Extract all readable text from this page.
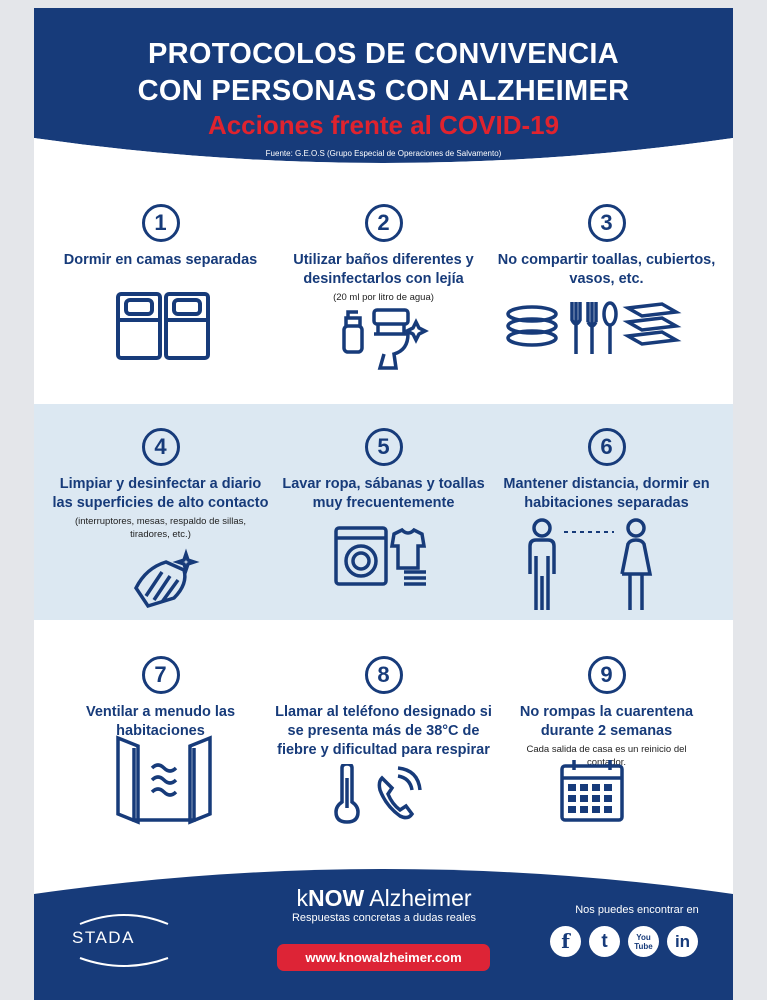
PROTOCOLOS DE CONVIVENCIA
CON PERSONAS CON ALZHEIMER
Acciones frente al COVID-19
Fuente: G.E.O.S (Grupo Especial de Operaciones de Salvamento)
1
Dormir en camas separadas
2
Utilizar baños diferentes y desinfectarlos con lejía
(20 ml por litro de agua)
3
No compartir toallas, cubiertos, vasos, etc.
4
Limpiar y desinfectar a diario las superficies de alto contacto
(interruptores, mesas, respaldo de sillas, tiradores, etc.)
5
Lavar ropa, sábanas y toallas muy frecuentemente
6
Mantener distancia, dormir en habitaciones separadas
7
Ventilar a menudo las habitaciones
8
Llamar al teléfono designado si se presenta más de 38°C de fiebre y dificultad para respirar
9
No rompas la cuarentena durante 2 semanas
Cada salida de casa es un reinicio del contador.
STADA
kNOW Alzheimer
Respuestas concretas a dudas reales
www.knowalzheimer.com
Nos puedes encontrar en
f	t	You Tube	in
